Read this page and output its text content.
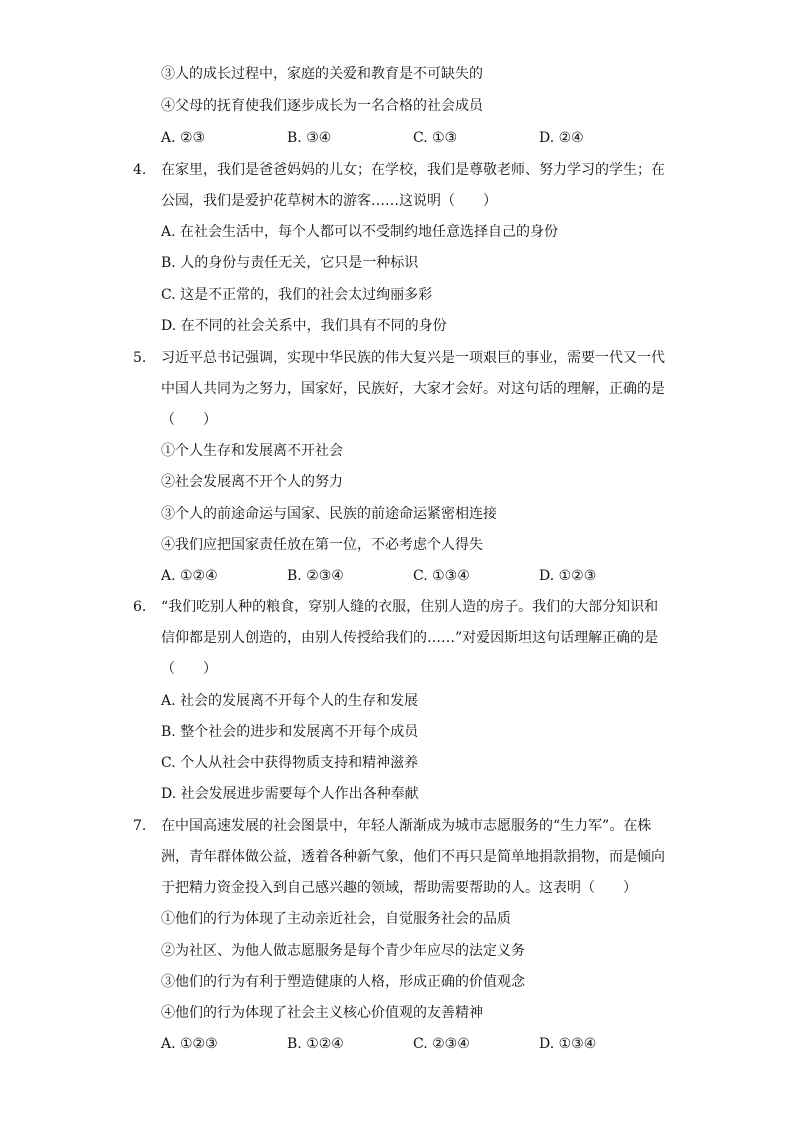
③人的成长过程中，家庭的关爱和教育是不可缺失的
④父母的抚育使我们逐步成长为一名合格的社会成员
A. ②③	B. ③④	C. ①③	D. ②④
4. 在家里，我们是爸爸妈妈的儿女；在学校，我们是尊敬老师、努力学习的学生；在
公园，我们是爱护花草树木的游客……这说明（　　）
A. 在社会生活中，每个人都可以不受制约地任意选择自己的身份
B. 人的身份与责任无关，它只是一种标识
C. 这是不正常的，我们的社会太过绚丽多彩
D. 在不同的社会关系中，我们具有不同的身份
5. 习近平总书记强调，实现中华民族的伟大复兴是一项艰巨的事业，需要一代又一代
中国人共同为之努力，国家好，民族好，大家才会好。对这句话的理解，正确的是
（　　）
①个人生存和发展离不开社会
②社会发展离不开个人的努力
③个人的前途命运与国家、民族的前途命运紧密相连接
④我们应把国家责任放在第一位，不必考虑个人得失
A. ①②④	B. ②③④	C. ①③④	D. ①②③
6. “我们吃别人种的粮食，穿别人缝的衣服，住别人造的房子。我们的大部分知识和
信仰都是别人创造的，由别人传授给我们的……”对爱因斯坦这句话理解正确的是
（　　）
A. 社会的发展离不开每个人的生存和发展
B. 整个社会的进步和发展离不开每个成员
C. 个人从社会中获得物质支持和精神滋养
D. 社会发展进步需要每个人作出各种奉献
7. 在中国高速发展的社会图景中，年轻人渐渐成为城市志愿服务的“生力军”。在株
洲，青年群体做公益，透着各种新气象，他们不再只是简单地捐款捐物，而是倾向
于把精力资金投入到自己感兴趣的领域，帮助需要帮助的人。这表明（　　）
①他们的行为体现了主动亲近社会，自觉服务社会的品质
②为社区、为他人做志愿服务是每个青少年应尽的法定义务
③他们的行为有利于塑造健康的人格，形成正确的价值观念
④他们的行为体现了社会主义核心价值观的友善精神
A. ①②③	B. ①②④	C. ②③④	D. ①③④
